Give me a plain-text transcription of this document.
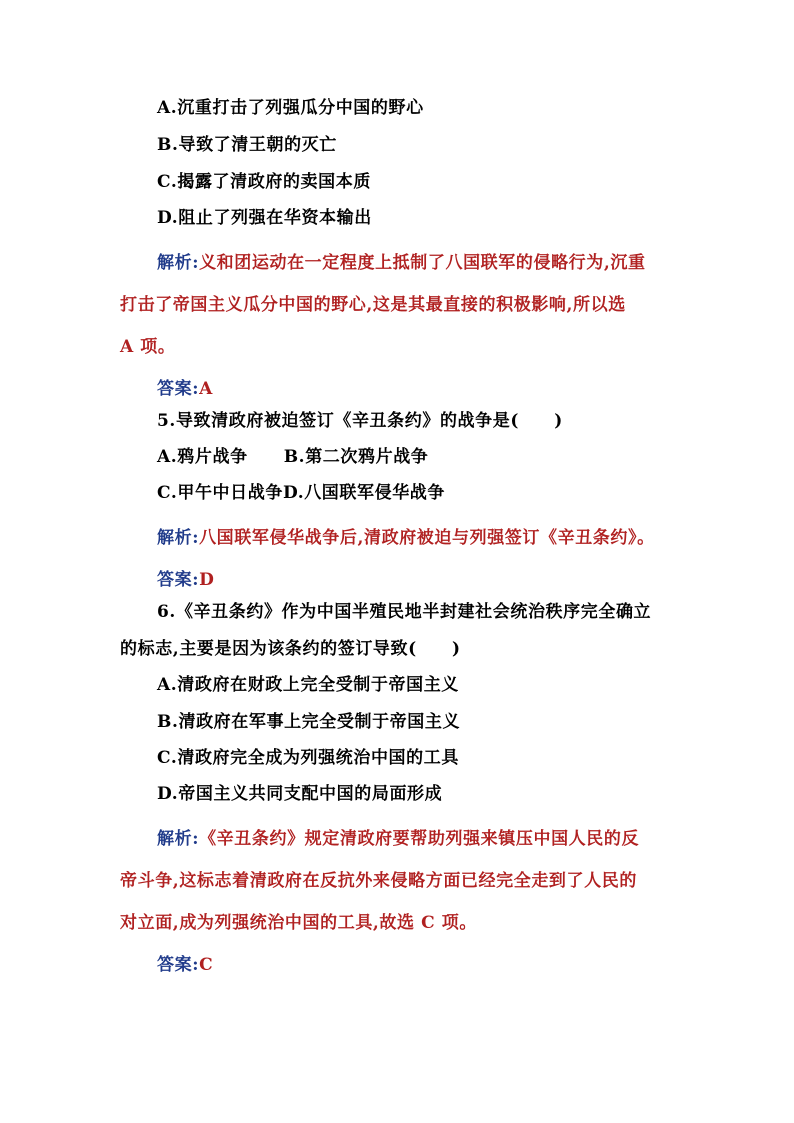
A.沉重打击了列强瓜分中国的野心
B.导致了清王朝的灭亡
C.揭露了清政府的卖国本质
D.阻止了列强在华资本输出
解析:义和团运动在一定程度上抵制了八国联军的侵略行为,沉重
打击了帝国主义瓜分中国的野心,这是其最直接的积极影响,所以选
A 项。
答案:A
5.导致清政府被迫签订《辛丑条约》的战争是(　　)
A.鸦片战争 B.第二次鸦片战争
C.甲午中日战争D.八国联军侵华战争
解析:八国联军侵华战争后,清政府被迫与列强签订《辛丑条约》。
答案:D
6.《辛丑条约》作为中国半殖民地半封建社会统治秩序完全确立
的标志,主要是因为该条约的签订导致(　　)
A.清政府在财政上完全受制于帝国主义
B.清政府在军事上完全受制于帝国主义
C.清政府完全成为列强统治中国的工具
D.帝国主义共同支配中国的局面形成
解析:《辛丑条约》规定清政府要帮助列强来镇压中国人民的反
帝斗争,这标志着清政府在反抗外来侵略方面已经完全走到了人民的
对立面,成为列强统治中国的工具,故选 C 项。
答案:C
